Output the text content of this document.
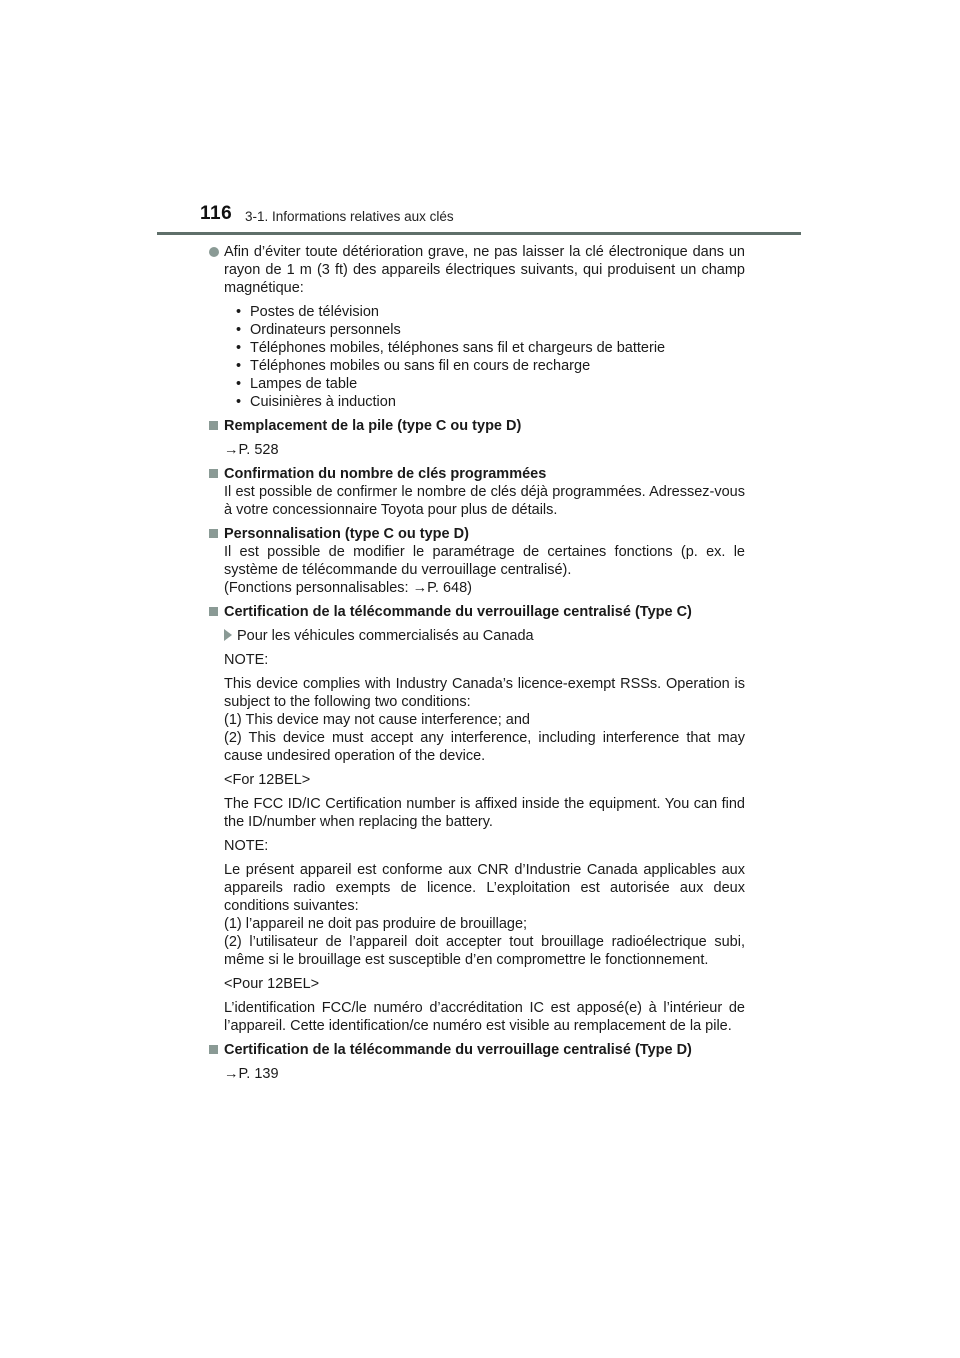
116 3-1. Informations relatives aux clés
Afin d’éviter toute détérioration grave, ne pas laisser la clé électronique dans un rayon de 1 m (3 ft) des appareils électriques suivants, qui produisent un champ magnétique:
• Postes de télévision
• Ordinateurs personnels
• Téléphones mobiles, téléphones sans fil et chargeurs de batterie
• Téléphones mobiles ou sans fil en cours de recharge
• Lampes de table
• Cuisinières à induction
Remplacement de la pile (type C ou type D)
→P. 528
Confirmation du nombre de clés programmées
Il est possible de confirmer le nombre de clés déjà programmées. Adressez-vous à votre concessionnaire Toyota pour plus de détails.
Personnalisation (type C ou type D)
Il est possible de modifier le paramétrage de certaines fonctions (p. ex. le système de télécommande du verrouillage centralisé).
(Fonctions personnalisables: →P. 648)
Certification de la télécommande du verrouillage centralisé (Type C)
Pour les véhicules commercialisés au Canada
NOTE:
This device complies with Industry Canada’s licence-exempt RSSs. Operation is subject to the following two conditions:
(1) This device may not cause interference; and
(2) This device must accept any interference, including interference that may cause undesired operation of the device.
<For 12BEL>
The FCC ID/IC Certification number is affixed inside the equipment. You can find the ID/number when replacing the battery.
NOTE:
Le présent appareil est conforme aux CNR d’Industrie Canada applicables aux appareils radio exempts de licence. L’exploitation est autorisée aux deux conditions suivantes:
(1) l’appareil ne doit pas produire de brouillage;
(2) l’utilisateur de l’appareil doit accepter tout brouillage radioélectrique subi, même si le brouillage est susceptible d’en compromettre le fonctionnement.
<Pour 12BEL>
L’identification FCC/le numéro d’accréditation IC est apposé(e) à l’intérieur de l’appareil. Cette identification/ce numéro est visible au remplacement de la pile.
Certification de la télécommande du verrouillage centralisé (Type D)
→P. 139
